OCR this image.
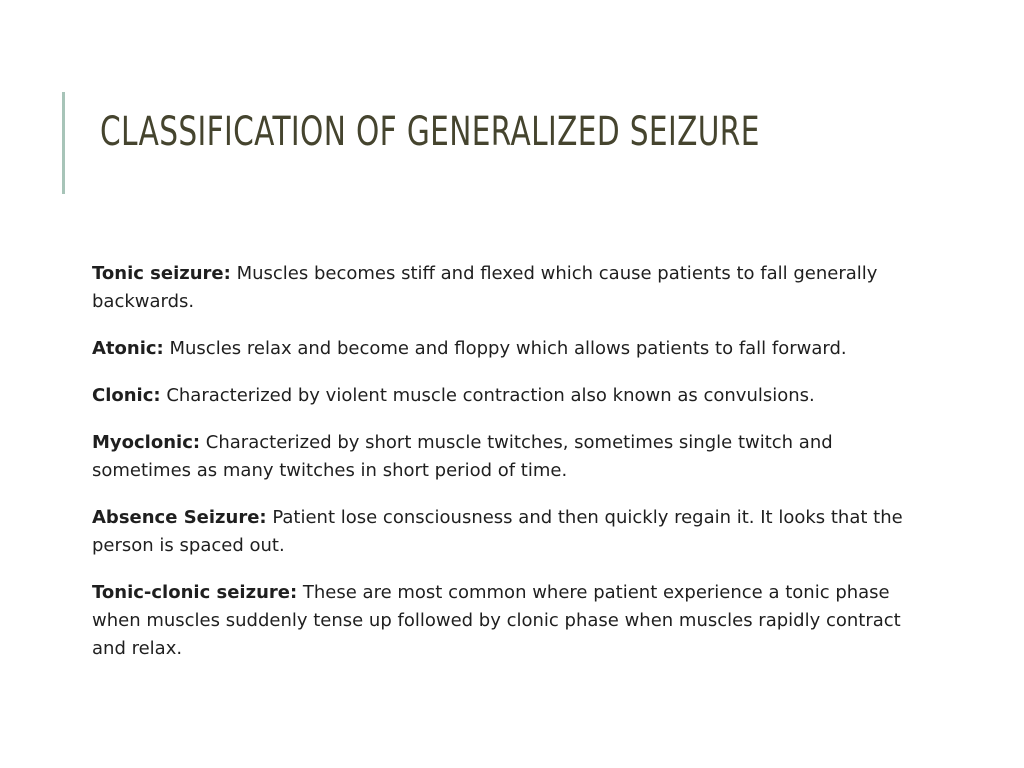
CLASSIFICATION OF GENERALIZED SEIZURE

Tonic seizure: Muscles becomes stiff and flexed which cause patients to fall generally backwards.

Atonic: Muscles relax and become and floppy which allows patients to fall forward.

Clonic: Characterized by violent muscle contraction also known as convulsions.

Myoclonic: Characterized by short muscle twitches, sometimes single twitch and sometimes as many twitches in short period of time.

Absence Seizure: Patient lose consciousness and then quickly regain it. It looks that the person is spaced out.

Tonic-clonic seizure: These are most common where patient experience a tonic phase when muscles suddenly tense up followed by clonic phase when muscles rapidly contract and relax.
